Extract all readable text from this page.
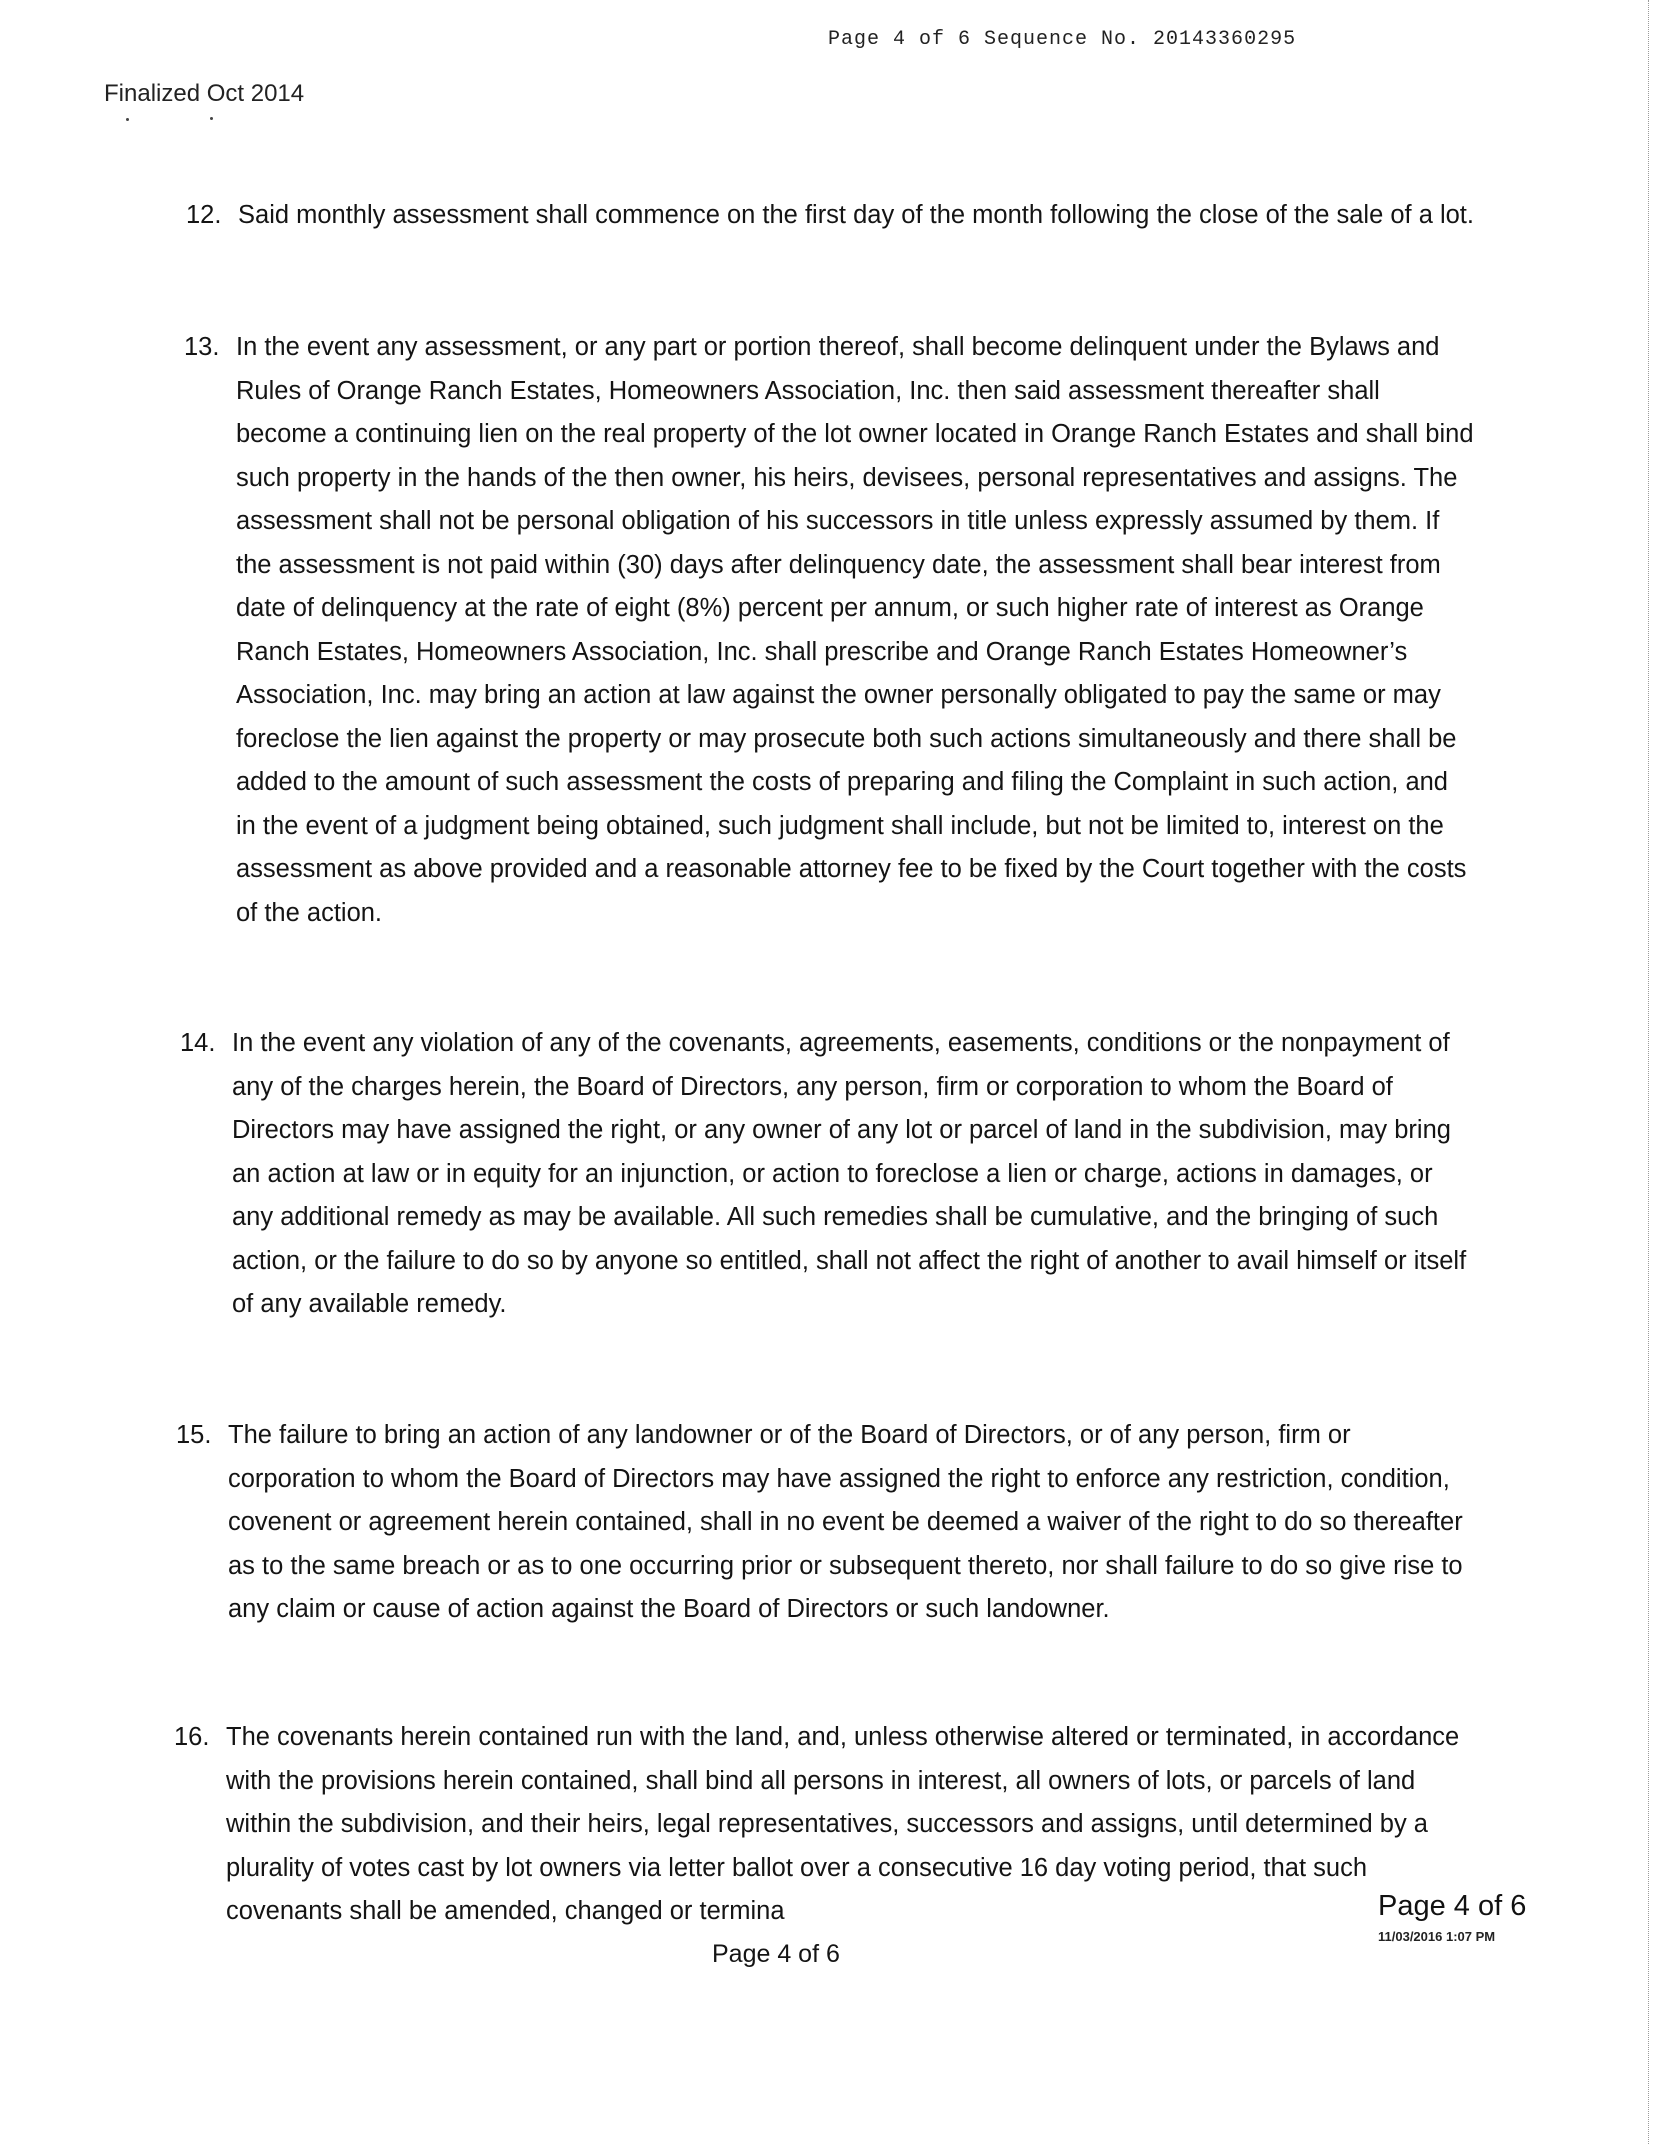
Page 4 of 6 Sequence No. 20143360295
Finalized Oct 2014
12. Said monthly assessment shall commence on the first day of the month following the close of the sale of a lot.
13. In the event any assessment, or any part or portion thereof, shall become delinquent under the Bylaws and Rules of Orange Ranch Estates, Homeowners Association, Inc. then said assessment thereafter shall become a continuing lien on the real property of the lot owner located in Orange Ranch Estates and shall bind such property in the hands of the then owner, his heirs, devisees, personal representatives and assigns. The assessment shall not be personal obligation of his successors in title unless expressly assumed by them. If the assessment is not paid within (30) days after delinquency date, the assessment shall bear interest from date of delinquency at the rate of eight (8%) percent per annum, or such higher rate of interest as Orange Ranch Estates, Homeowners Association, Inc. shall prescribe and Orange Ranch Estates Homeowner’s Association, Inc. may bring an action at law against the owner personally obligated to pay the same or may foreclose the lien against the property or may prosecute both such actions simultaneously and there shall be added to the amount of such assessment the costs of preparing and filing the Complaint in such action, and in the event of a judgment being obtained, such judgment shall include, but not be limited to, interest on the assessment as above provided and a reasonable attorney fee to be fixed by the Court together with the costs of the action.
14. In the event any violation of any of the covenants, agreements, easements, conditions or the nonpayment of any of the charges herein, the Board of Directors, any person, firm or corporation to whom the Board of Directors may have assigned the right, or any owner of any lot or parcel of land in the subdivision, may bring an action at law or in equity for an injunction, or action to foreclose a lien or charge, actions in damages, or any additional remedy as may be available. All such remedies shall be cumulative, and the bringing of such action, or the failure to do so by anyone so entitled, shall not affect the right of another to avail himself or itself of any available remedy.
15. The failure to bring an action of any landowner or of the Board of Directors, or of any person, firm or corporation to whom the Board of Directors may have assigned the right to enforce any restriction, condition, covenent or agreement herein contained, shall in no event be deemed a waiver of the right to do so thereafter as to the same breach or as to one occurring prior or subsequent thereto, nor shall failure to do so give rise to any claim or cause of action against the Board of Directors or such landowner.
16. The covenants herein contained run with the land, and, unless otherwise altered or terminated, in accordance with the provisions herein contained, shall bind all persons in interest, all owners of lots, or parcels of land within the subdivision, and their heirs, legal representatives, successors and assigns, until determined by a plurality of votes cast by lot owners via letter ballot over a consecutive 16 day voting period, that such covenants shall be amended, changed or termina	Page 4 of 6
11/03/2016 1:07 PM
Page 4 of 6
